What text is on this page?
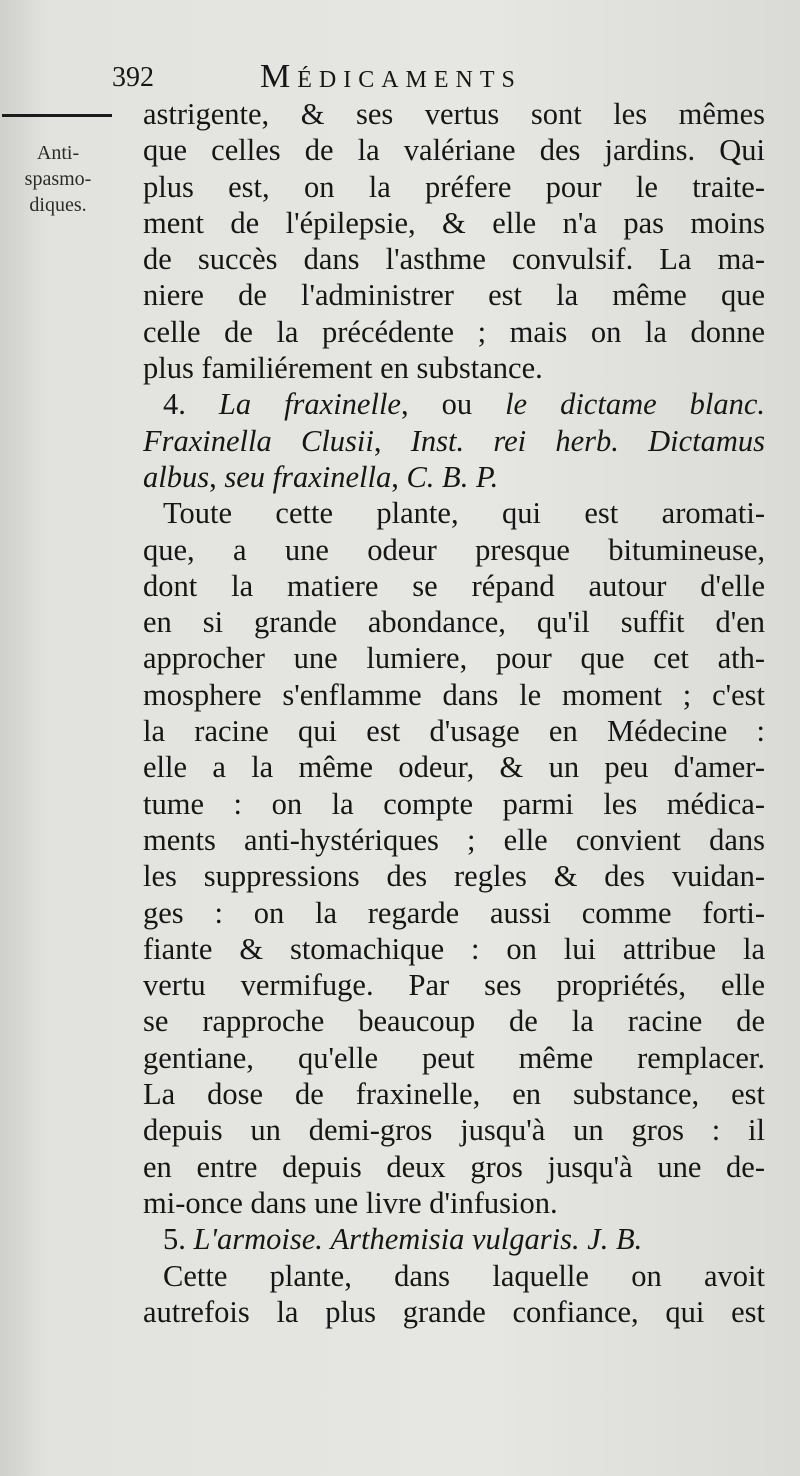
392	Médicaments
Anti-
spasmo-
diques.
astrigente, & ses vertus sont les mêmes
que celles de la valériane des jardins. Qui
plus est, on la préfere pour le traite-
ment de l'épilepsie, & elle n'a pas moins
de succès dans l'asthme convulsif. La ma-
niere de l'administrer est la même que
celle de la précédente ; mais on la donne
plus familiérement en substance.
4. La fraxinelle, ou le dictame blanc.
Fraxinella Clusii, Inst. rei herb. Dictamus
albus, seu fraxinella, C. B. P.
Toute cette plante, qui est aromati-
que, a une odeur presque bitumineuse,
dont la matiere se répand autour d'elle
en si grande abondance, qu'il suffit d'en
approcher une lumiere, pour que cet ath-
mosphere s'enflamme dans le moment ; c'est
la racine qui est d'usage en Médecine :
elle a la même odeur, & un peu d'amer-
tume : on la compte parmi les médica-
ments anti-hystériques ; elle convient dans
les suppressions des regles & des vuidan-
ges : on la regarde aussi comme forti-
fiante & stomachique : on lui attribue la
vertu vermifuge. Par ses propriétés, elle
se rapproche beaucoup de la racine de
gentiane, qu'elle peut même remplacer.
La dose de fraxinelle, en substance, est
depuis un demi-gros jusqu'à un gros : il
en entre depuis deux gros jusqu'à une de-
mi-once dans une livre d'infusion.
5. L'armoise. Arthemisia vulgaris. J. B.
Cette plante, dans laquelle on avoit
autrefois la plus grande confiance, qui est
